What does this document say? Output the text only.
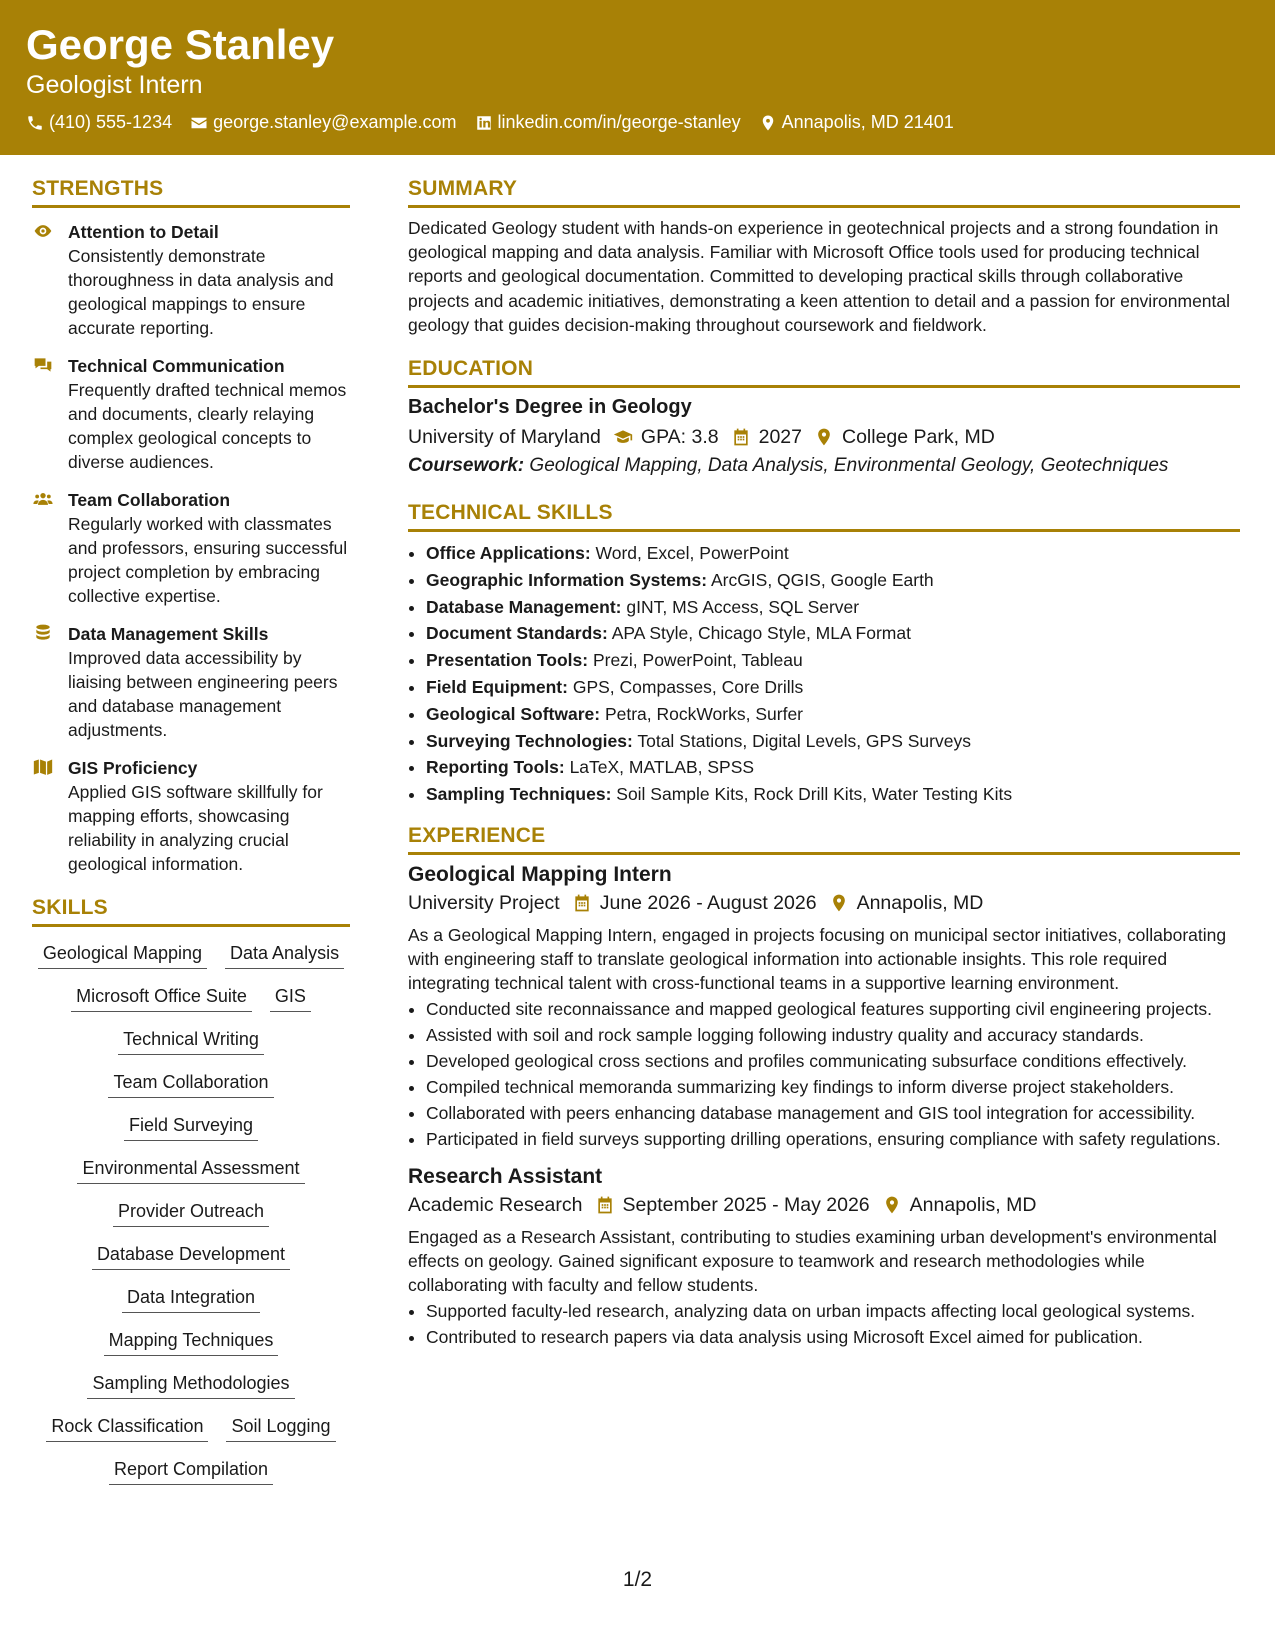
George Stanley
Geologist Intern
(410) 555-1234 george.stanley@example.com linkedin.com/in/george-stanley Annapolis, MD 21401
STRENGTHS
Attention to Detail
Consistently demonstrate thoroughness in data analysis and geological mappings to ensure accurate reporting.
Technical Communication
Frequently drafted technical memos and documents, clearly relaying complex geological concepts to diverse audiences.
Team Collaboration
Regularly worked with classmates and professors, ensuring successful project completion by embracing collective expertise.
Data Management Skills
Improved data accessibility by liaising between engineering peers and database management adjustments.
GIS Proficiency
Applied GIS software skillfully for mapping efforts, showcasing reliability in analyzing crucial geological information.
SKILLS
Geological Mapping Data Analysis
Microsoft Office Suite GIS
Technical Writing
Team Collaboration
Field Surveying
Environmental Assessment
Provider Outreach
Database Development
Data Integration
Mapping Techniques
Sampling Methodologies
Rock Classification Soil Logging
Report Compilation
SUMMARY

Dedicated Geology student with hands-on experience in geotechnical projects and a strong foundation in geological mapping and data analysis. Familiar with Microsoft Office tools used for producing technical reports and geological documentation. Committed to developing practical skills through collaborative projects and academic initiatives, demonstrating a keen attention to detail and a passion for environmental geology that guides decision-making throughout coursework and fieldwork.

EDUCATION
Bachelor's Degree in Geology
University of Maryland GPA: 3.8 2027 College Park, MD
Coursework: Geological Mapping, Data Analysis, Environmental Geology, Geotechniques
TECHNICAL SKILLS
• Office Applications: Word, Excel, PowerPoint
• Geographic Information Systems: ArcGIS, QGIS, Google Earth
• Database Management: gINT, MS Access, SQL Server
• Document Standards: APA Style, Chicago Style, MLA Format
• Presentation Tools: Prezi, PowerPoint, Tableau
• Field Equipment: GPS, Compasses, Core Drills
• Geological Software: Petra, RockWorks, Surfer
• Surveying Technologies: Total Stations, Digital Levels, GPS Surveys
• Reporting Tools: LaTeX, MATLAB, SPSS
• Sampling Techniques: Soil Sample Kits, Rock Drill Kits, Water Testing Kits
EXPERIENCE
Geological Mapping Intern
University Project June 2026 - August 2026 Annapolis, MD
As a Geological Mapping Intern, engaged in projects focusing on municipal sector initiatives, collaborating with engineering staff to translate geological information into actionable insights. This role required integrating technical talent with cross-functional teams in a supportive learning environment.
• Conducted site reconnaissance and mapped geological features supporting civil engineering projects.
• Assisted with soil and rock sample logging following industry quality and accuracy standards.
• Developed geological cross sections and profiles communicating subsurface conditions effectively.
• Compiled technical memoranda summarizing key findings to inform diverse project stakeholders.
• Collaborated with peers enhancing database management and GIS tool integration for accessibility.
• Participated in field surveys supporting drilling operations, ensuring compliance with safety regulations.
Research Assistant
Academic Research September 2025 - May 2026 Annapolis, MD
Engaged as a Research Assistant, contributing to studies examining urban development's environmental effects on geology. Gained significant exposure to teamwork and research methodologies while collaborating with faculty and fellow students.
• Supported faculty-led research, analyzing data on urban impacts affecting local geological systems.
• Contributed to research papers via data analysis using Microsoft Excel aimed for publication.
1/2
